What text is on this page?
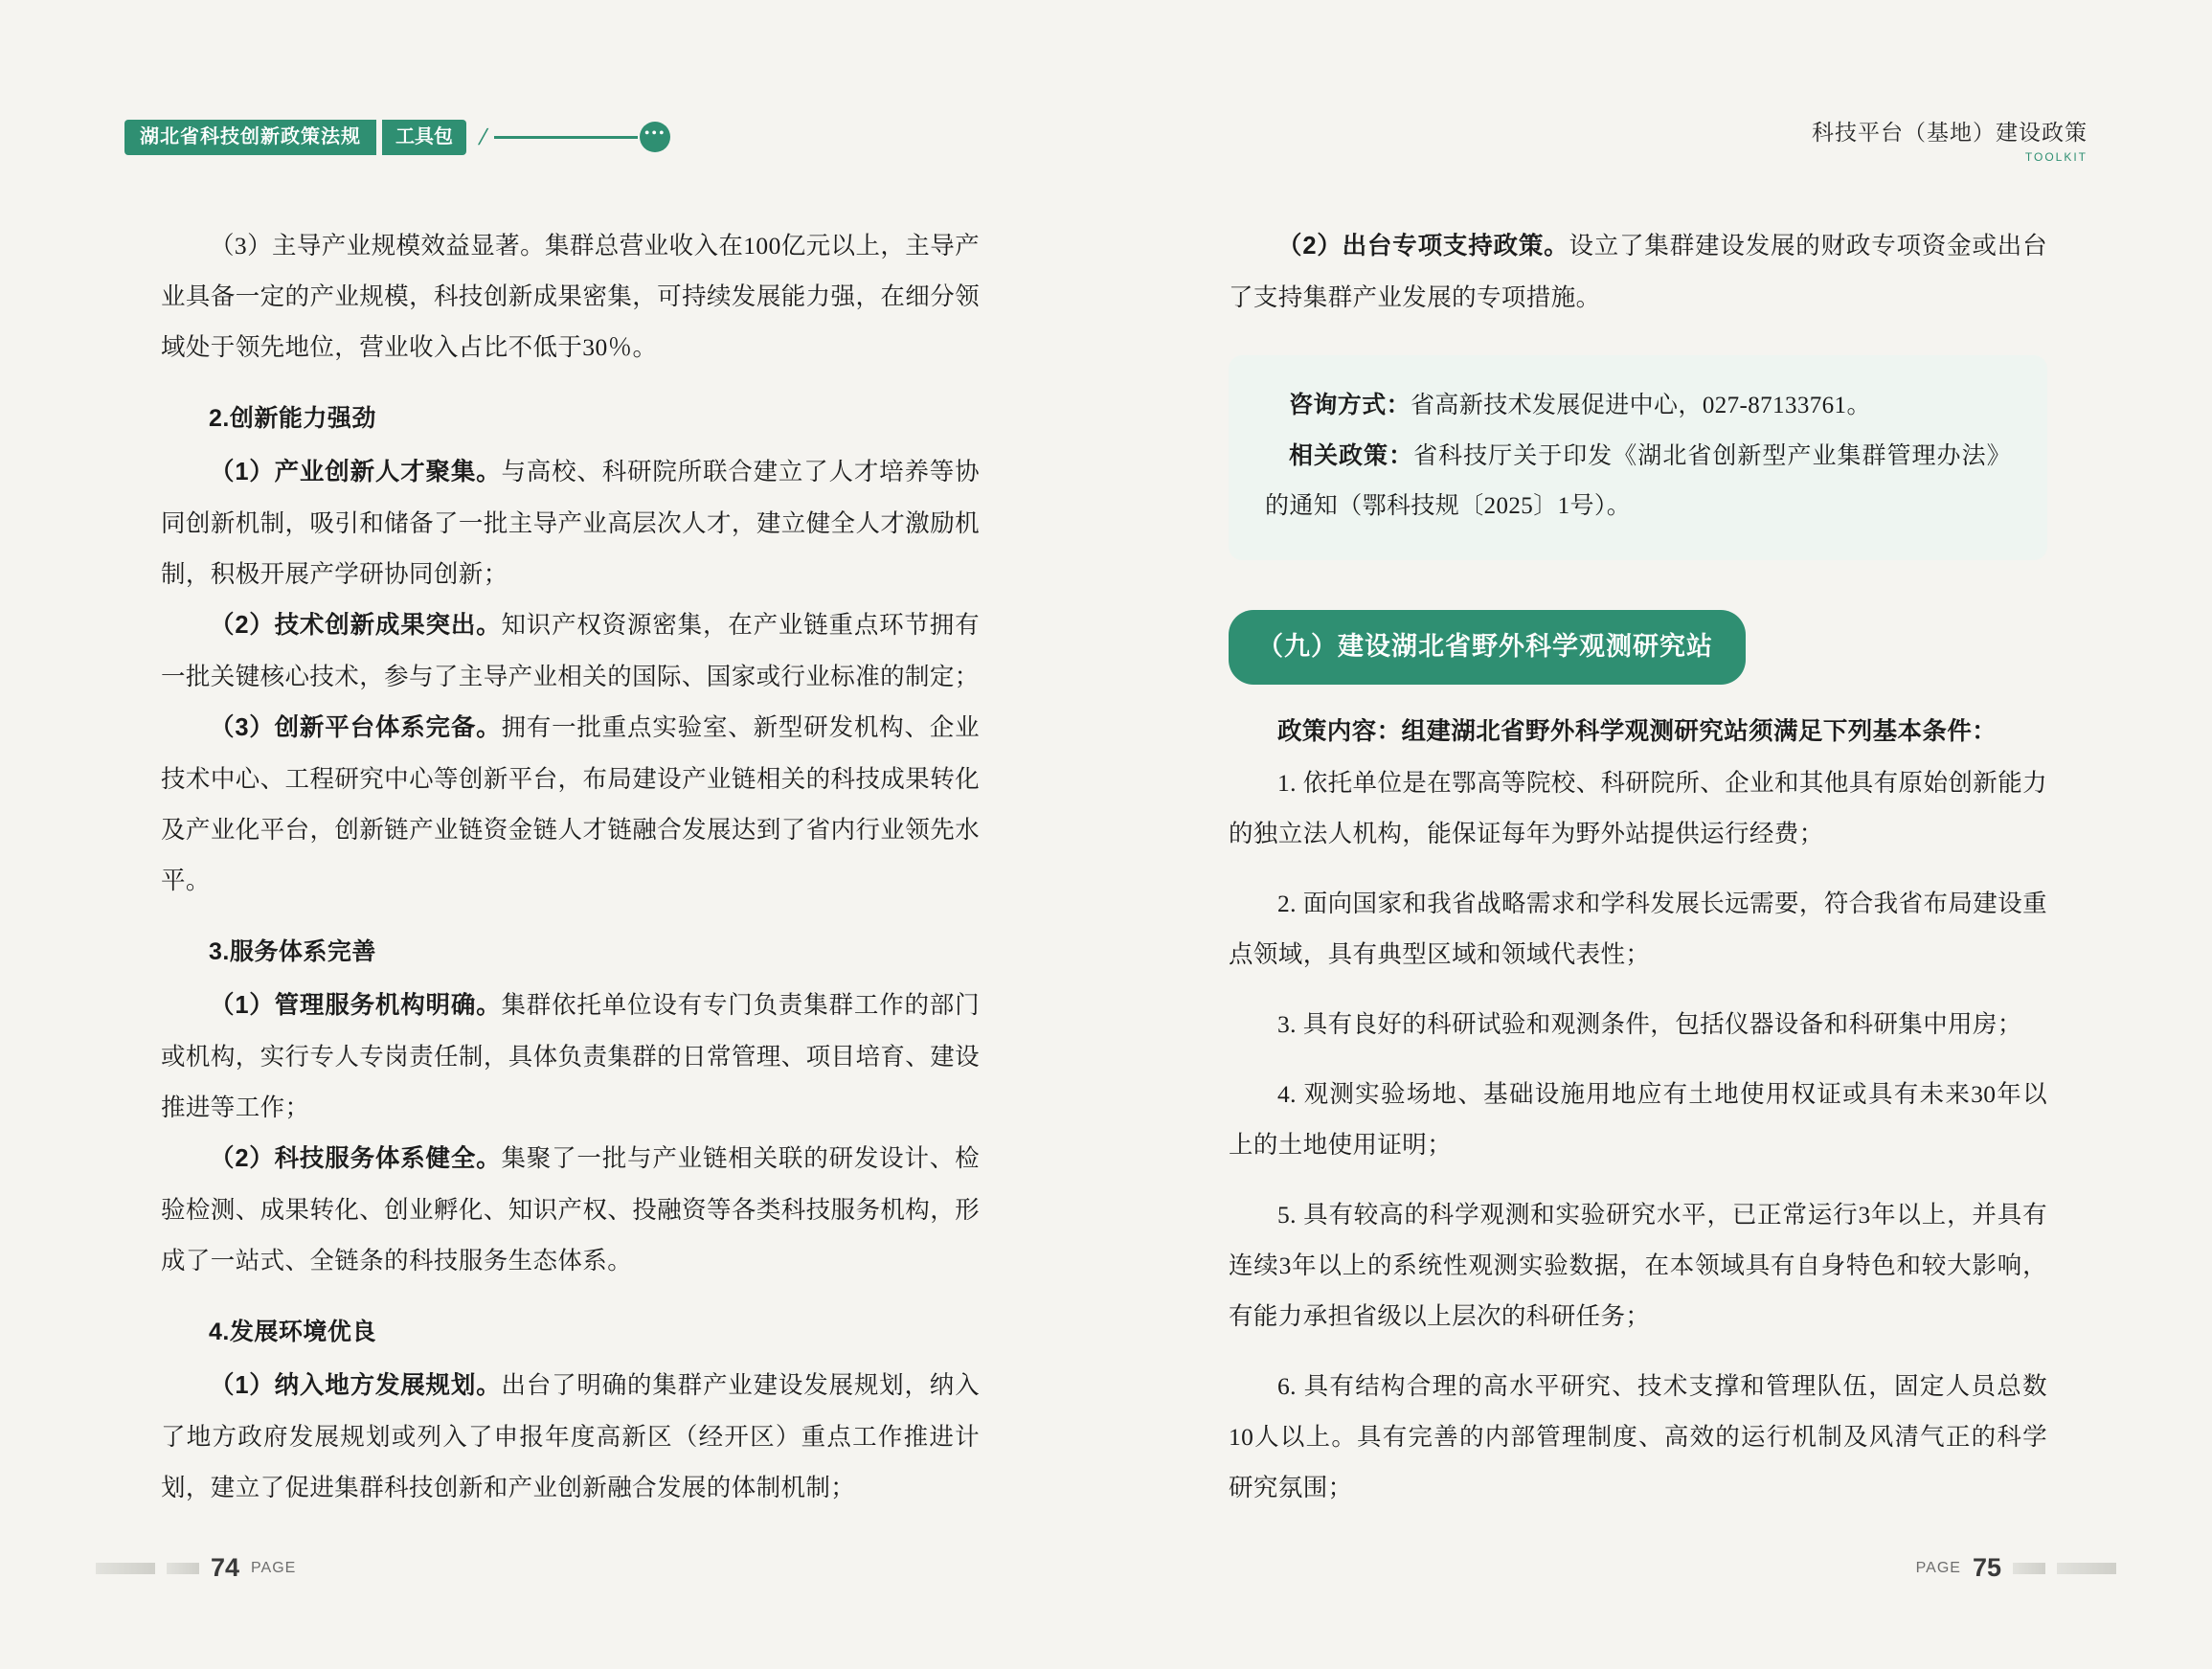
湖北省科技创新政策法规	工具包 /	•••	科技平台（基地）建设政策
TOOLKIT

（3）主导产业规模效益显著。集群总营业收入在100亿元以上，主导产业具备一定的产业规模，科技创新成果密集，可持续发展能力强，在细分领域处于领先地位，营业收入占比不低于30％。

2.创新能力强劲

（1）产业创新人才聚集。与高校、科研院所联合建立了人才培养等协同创新机制，吸引和储备了一批主导产业高层次人才，建立健全人才激励机制，积极开展产学研协同创新；

（2）技术创新成果突出。知识产权资源密集，在产业链重点环节拥有一批关键核心技术，参与了主导产业相关的国际、国家或行业标准的制定；

（3）创新平台体系完备。拥有一批重点实验室、新型研发机构、企业技术中心、工程研究中心等创新平台，布局建设产业链相关的科技成果转化及产业化平台，创新链产业链资金链人才链融合发展达到了省内行业领先水平。

3.服务体系完善

（1）管理服务机构明确。集群依托单位设有专门负责集群工作的部门或机构，实行专人专岗责任制，具体负责集群的日常管理、项目培育、建设推进等工作；

（2）科技服务体系健全。集聚了一批与产业链相关联的研发设计、检验检测、成果转化、创业孵化、知识产权、投融资等各类科技服务机构，形成了一站式、全链条的科技服务生态体系。

4.发展环境优良

（1）纳入地方发展规划。出台了明确的集群产业建设发展规划，纳入了地方政府发展规划或列入了申报年度高新区（经开区）重点工作推进计划，建立了促进集群科技创新和产业创新融合发展的体制机制；

（2）出台专项支持政策。设立了集群建设发展的财政专项资金或出台了支持集群产业发展的专项措施。

咨询方式：省高新技术发展促进中心，027-87133761。

相关政策：省科技厅关于印发《湖北省创新型产业集群管理办法》的通知（鄂科技规〔2025〕1号）。

（九）建设湖北省野外科学观测研究站

政策内容：组建湖北省野外科学观测研究站须满足下列基本条件：

1. 依托单位是在鄂高等院校、科研院所、企业和其他具有原始创新能力的独立法人机构，能保证每年为野外站提供运行经费；

2. 面向国家和我省战略需求和学科发展长远需要，符合我省布局建设重点领域，具有典型区域和领域代表性；

3. 具有良好的科研试验和观测条件，包括仪器设备和科研集中用房；

4. 观测实验场地、基础设施用地应有土地使用权证或具有未来30年以上的土地使用证明；

5. 具有较高的科学观测和实验研究水平，已正常运行3年以上，并具有连续3年以上的系统性观测实验数据，在本领域具有自身特色和较大影响，有能力承担省级以上层次的科研任务；

6. 具有结构合理的高水平研究、技术支撑和管理队伍，固定人员总数10人以上。具有完善的内部管理制度、高效的运行机制及风清气正的科学研究氛围；

74 PAGE	PAGE 75
